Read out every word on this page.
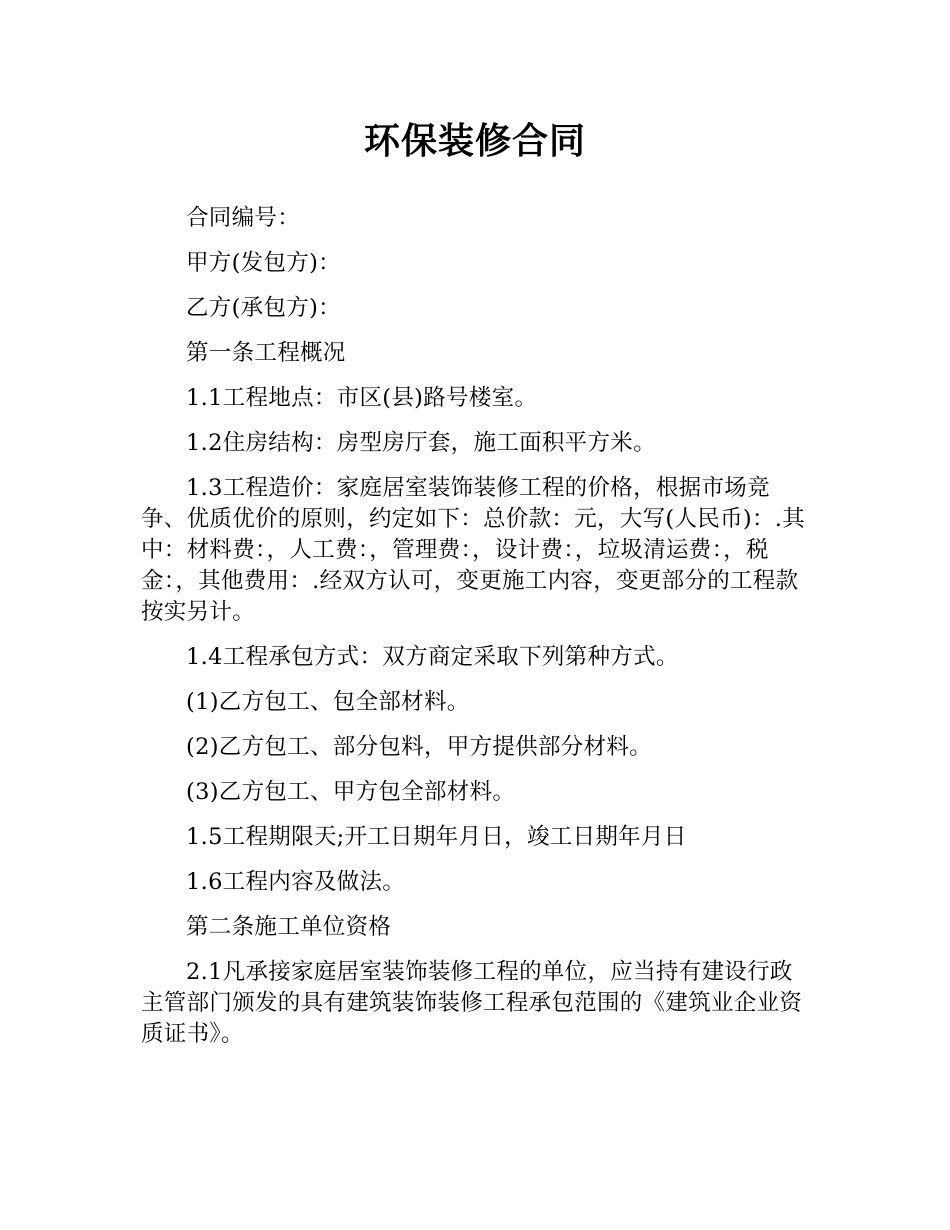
环保装修合同

合同编号：

甲方(发包方)：

乙方(承包方)：

第一条工程概况

1.1工程地点：市区(县)路号楼室。

1.2住房结构：房型房厅套，施工面积平方米。

1.3工程造价：家庭居室装饰装修工程的价格，根据市场竞争、优质优价的原则，约定如下：总价款：元，大写(人民币)：.其中：材料费：，人工费：，管理费：，设计费：，垃圾清运费：，税金：，其他费用：.经双方认可，变更施工内容，变更部分的工程款按实另计。

1.4工程承包方式：双方商定采取下列第种方式。

(1)乙方包工、包全部材料。

(2)乙方包工、部分包料，甲方提供部分材料。

(3)乙方包工、甲方包全部材料。

1.5工程期限天;开工日期年月日，竣工日期年月日

1.6工程内容及做法。

第二条施工单位资格

2.1凡承接家庭居室装饰装修工程的单位，应当持有建设行政主管部门颁发的具有建筑装饰装修工程承包范围的《建筑业企业资质证书》。
